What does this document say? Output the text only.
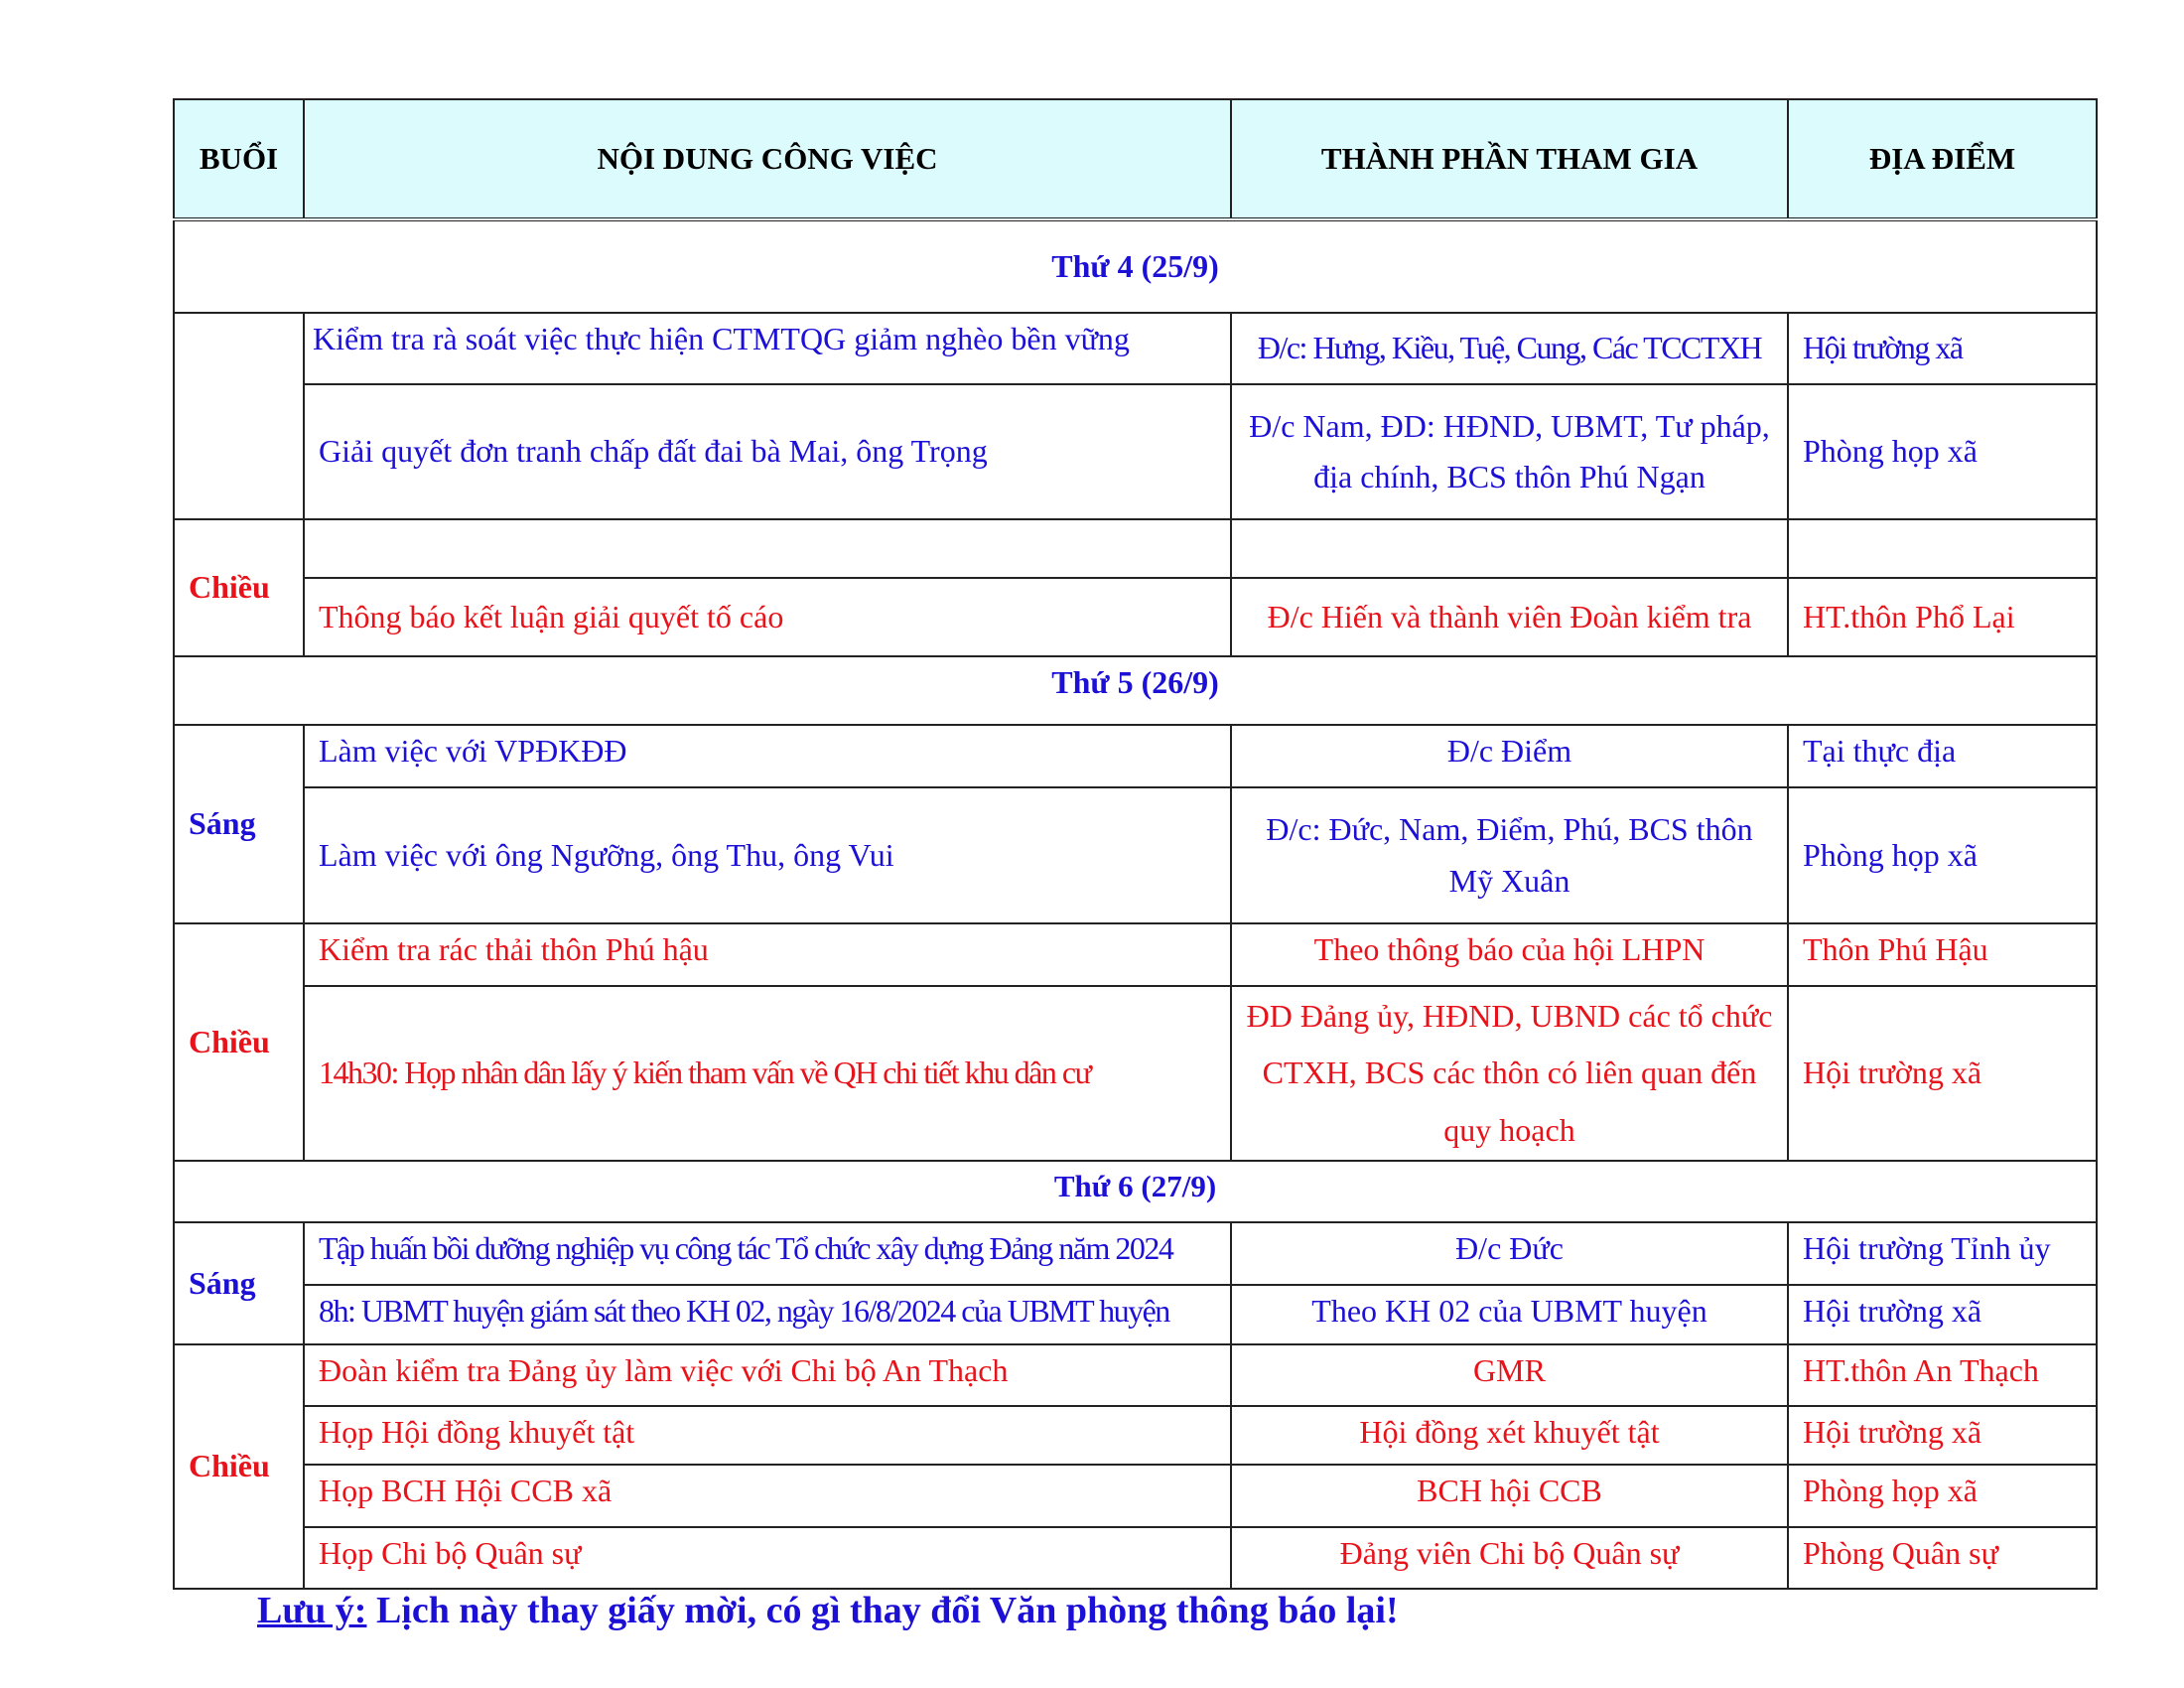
BUỔI	NỘI DUNG CÔNG VIỆC	THÀNH PHẦN THAM GIA	ĐỊA ĐIỂM
Thứ 4 (25/9)			
	Kiểm tra rà soát việc thực hiện CTMTQG giảm nghèo bền vững	Đ/c: Hưng, Kiều, Tuệ, Cung, Các TCCTXH	Hội trường xã
	Giải quyết đơn tranh chấp đất đai bà Mai, ông Trọng	Đ/c Nam, ĐD: HĐND, UBMT, Tư pháp, địa chính, BCS thôn Phú Ngạn	Phòng họp xã
Chiều			
	Thông báo kết luận giải quyết tố cáo	Đ/c Hiến và thành viên Đoàn kiểm tra	HT.thôn Phổ Lại
Thứ 5 (26/9)			
Sáng	Làm việc với VPĐKĐĐ	Đ/c Điểm	Tại thực địa
	Làm việc với ông Ngưỡng, ông Thu, ông Vui	Đ/c: Đức, Nam, Điểm, Phú, BCS thôn Mỹ Xuân	Phòng họp xã
Chiều	Kiểm tra rác thải thôn Phú hậu	Theo thông báo của hội LHPN	Thôn Phú Hậu
	14h30: Họp nhân dân lấy ý kiến tham vấn về QH chi tiết khu dân cư	ĐD Đảng ủy, HĐND, UBND các tổ chức CTXH, BCS các thôn có liên quan đến quy hoạch	Hội trường xã
Thứ 6 (27/9)			
Sáng	Tập huấn bồi dưỡng nghiệp vụ công tác Tổ chức xây dựng Đảng năm 2024	Đ/c Đức	Hội trường Tỉnh ủy
	8h: UBMT huyện giám sát theo KH 02, ngày 16/8/2024 của UBMT huyện	Theo KH 02 của UBMT huyện	Hội trường xã
Chiều	Đoàn kiểm tra Đảng ủy làm việc với Chi bộ An Thạch	GMR	HT.thôn An Thạch
	Họp Hội đồng khuyết tật	Hội đồng xét khuyết tật	Hội trường xã
	Họp BCH Hội CCB xã	BCH hội CCB	Phòng họp xã
	Họp Chi bộ Quân sự	Đảng viên Chi bộ Quân sự	Phòng Quân sự
Lưu ý: Lịch này thay giấy mời, có gì thay đổi Văn phòng thông báo lại!
